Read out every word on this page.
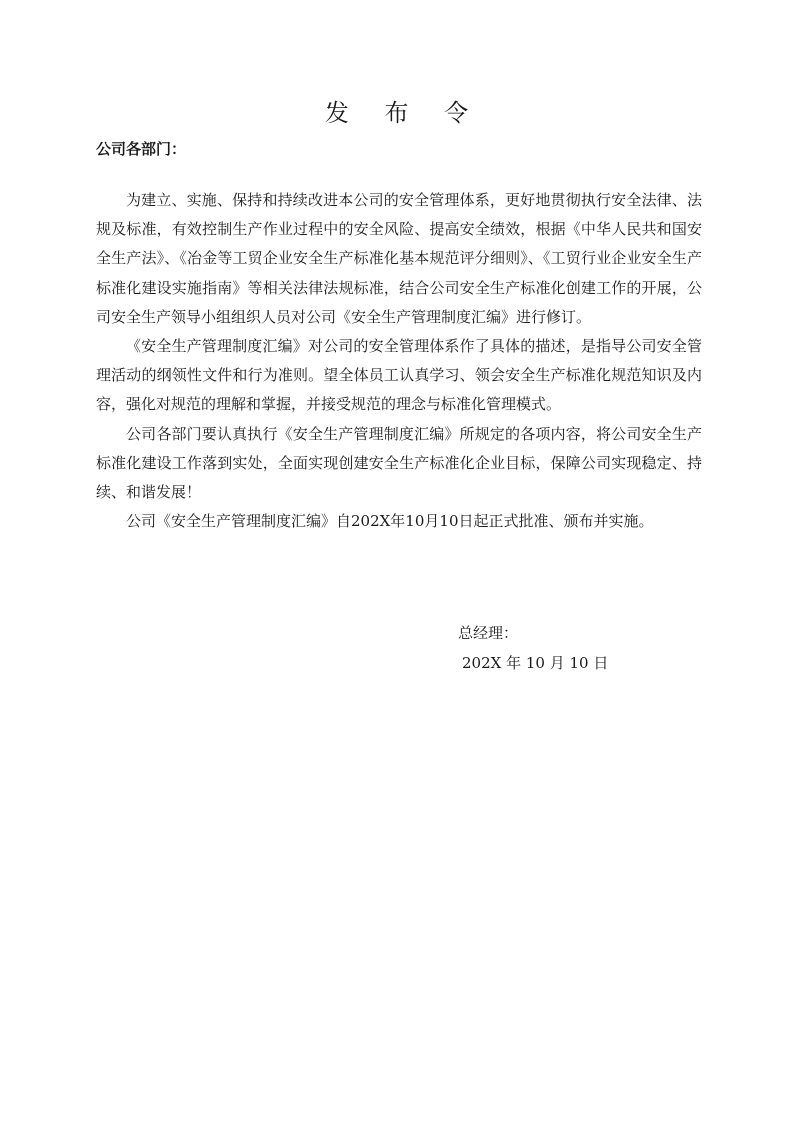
发 布 令
公司各部门：

为建立、实施、保持和持续改进本公司的安全管理体系，更好地贯彻执行安全法律、法规及标准，有效控制生产作业过程中的安全风险、提高安全绩效，根据《中华人民共和国安全生产法》、《冶金等工贸企业安全生产标准化基本规范评分细则》、《工贸行业企业安全生产标准化建设实施指南》等相关法律法规标准，结合公司安全生产标准化创建工作的开展，公司安全生产领导小组组织人员对公司《安全生产管理制度汇编》进行修订。

《安全生产管理制度汇编》对公司的安全管理体系作了具体的描述，是指导公司安全管理活动的纲领性文件和行为准则。望全体员工认真学习、领会安全生产标准化规范知识及内容，强化对规范的理解和掌握，并接受规范的理念与标准化管理模式。

公司各部门要认真执行《安全生产管理制度汇编》所规定的各项内容，将公司安全生产标准化建设工作落到实处，全面实现创建安全生产标准化企业目标，保障公司实现稳定、持续、和谐发展！

公司《安全生产管理制度汇编》自202X年10月10日起正式批准、颁布并实施。

总经理：
202X 年 10 月 10 日
